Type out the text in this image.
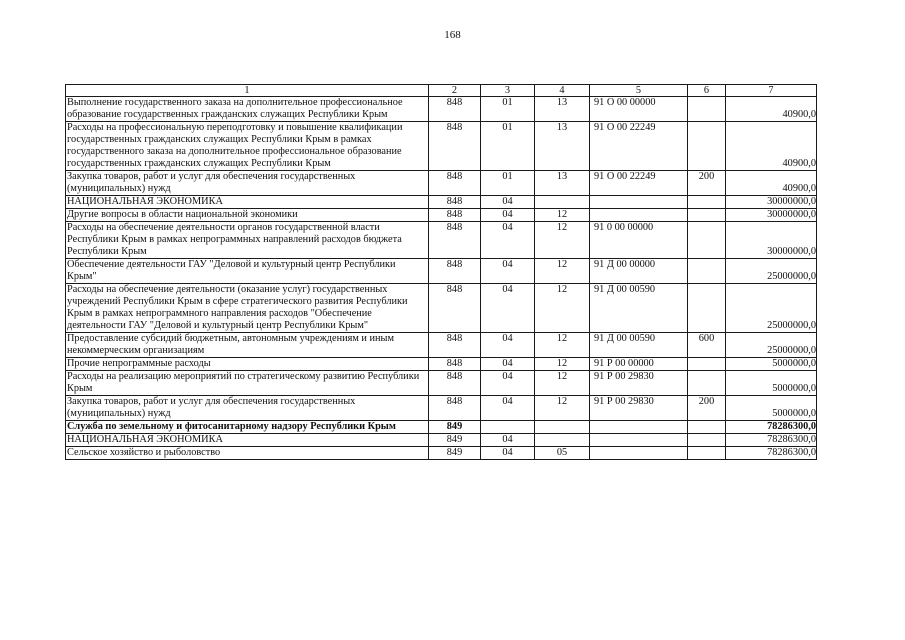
168
1	2	3	4	5	6	7
Выполнение государственного заказа на дополнительное профессиональное образование государственных гражданских служащих Республики Крым	848	01	13	91 О 00 00000		40900,0
Расходы на профессиональную переподготовку и повышение квалификации государственных гражданских служащих Республики Крым в рамках государственного заказа на дополнительное профессиональное образование государственных гражданских служащих Республики Крым	848	01	13	91 О 00 22249		40900,0
Закупка товаров, работ и услуг для обеспечения государственных (муниципальных) нужд	848	01	13	91 О 00 22249	200	40900,0
НАЦИОНАЛЬНАЯ ЭКОНОМИКА	848	04				30000000,0
Другие вопросы в области национальной экономики	848	04	12			30000000,0
Расходы на обеспечение деятельности органов государственной власти Республики Крым в рамках непрограммных направлений расходов бюджета Республики Крым	848	04	12	91 0 00 00000		30000000,0
Обеспечение деятельности ГАУ "Деловой и культурный центр Республики Крым"	848	04	12	91 Д 00 00000		25000000,0
Расходы на обеспечение деятельности (оказание услуг) государственных учреждений Республики Крым в сфере стратегического развития Республики Крым в рамках непрограммного направления расходов "Обеспечение деятельности ГАУ "Деловой и культурный центр Республики Крым"	848	04	12	91 Д 00 00590		25000000,0
Предоставление субсидий бюджетным, автономным учреждениям и иным некоммерческим организациям	848	04	12	91 Д 00 00590	600	25000000,0
Прочие непрограммные расходы	848	04	12	91 Р 00 00000		5000000,0
Расходы на реализацию мероприятий по стратегическому развитию Республики Крым	848	04	12	91 Р 00 29830		5000000,0
Закупка товаров, работ и услуг для обеспечения государственных (муниципальных) нужд	848	04	12	91 Р 00 29830	200	5000000,0
Служба по земельному и фитосанитарному надзору Республики Крым	849					78286300,0
НАЦИОНАЛЬНАЯ ЭКОНОМИКА	849	04				78286300,0
Сельское хозяйство и рыболовство	849	04	05			78286300,0
